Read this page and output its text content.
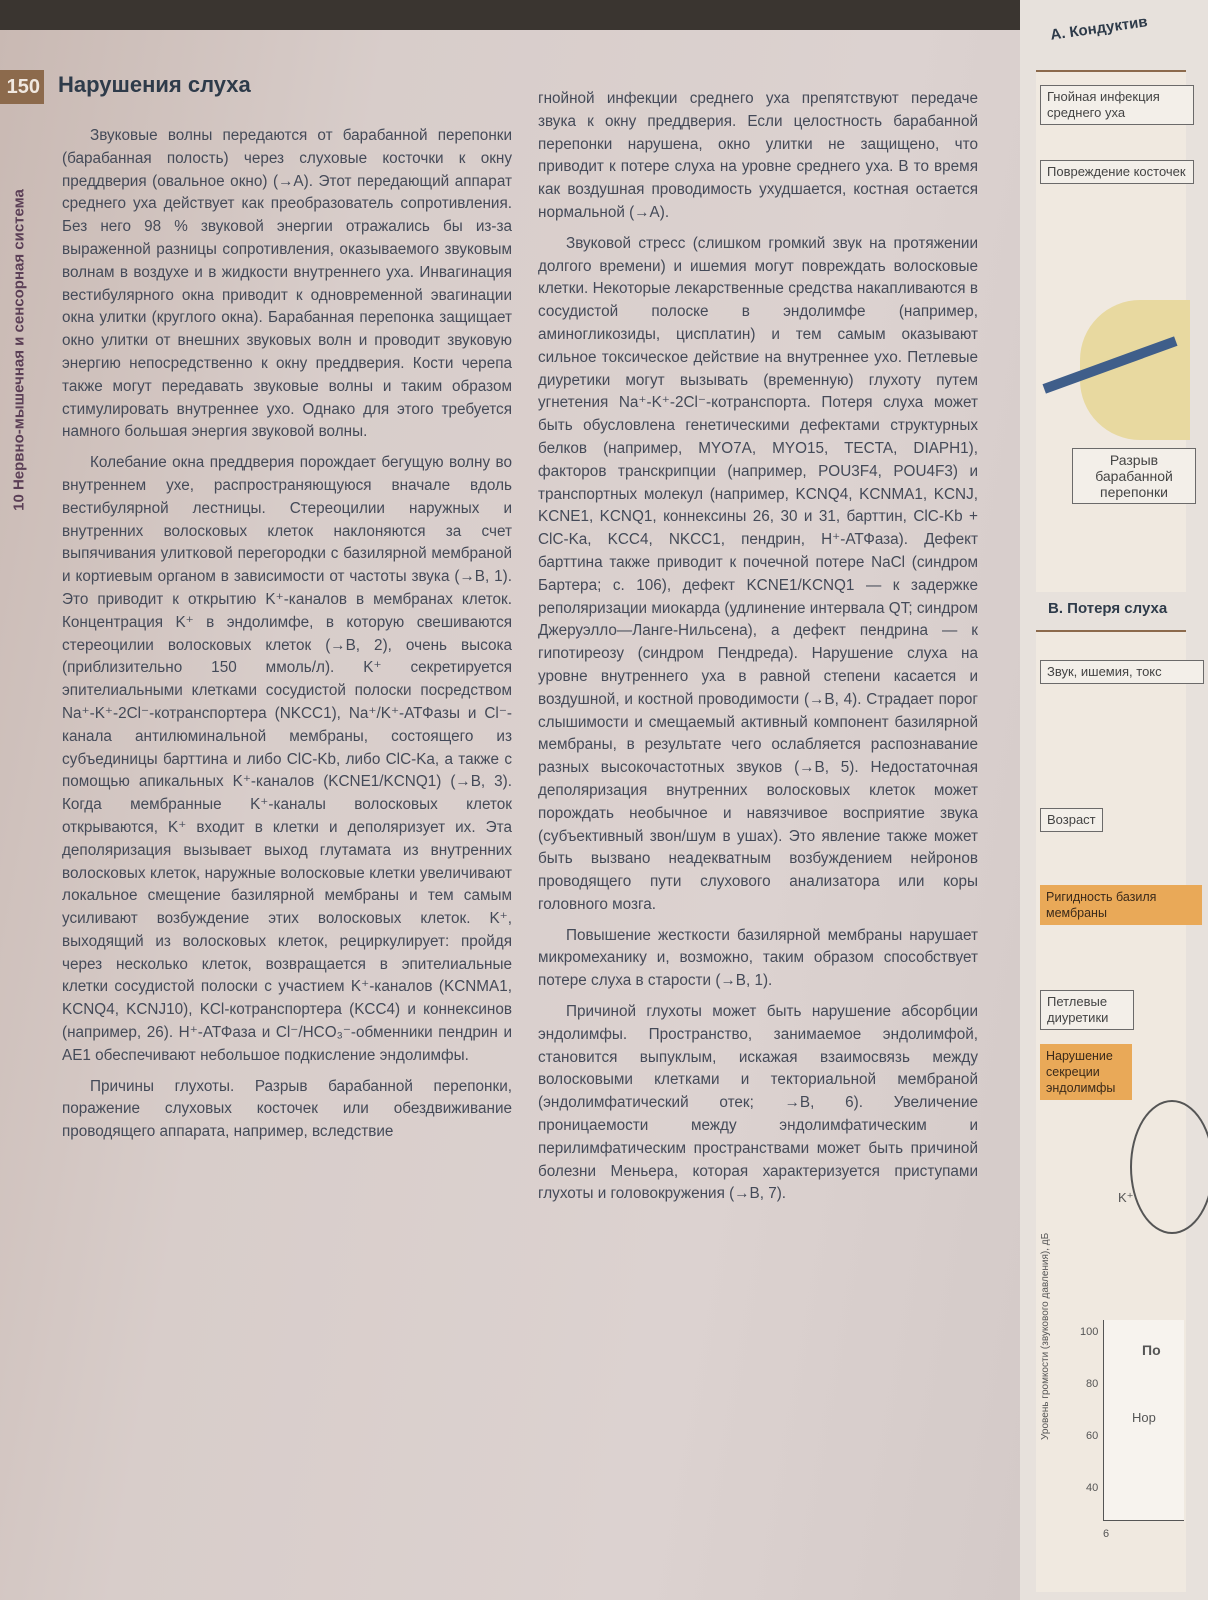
150 Нарушения слуха
10 Нервно-мышечная и сенсорная система

Звуковые волны передаются от барабанной перепонки (барабанная полость) через слуховые косточки к окну преддверия (овальное окно) (→A). Этот передающий аппарат среднего уха действует как преобразователь сопротивления. Без него 98 % звуковой энергии отражались бы из-за выраженной разницы сопротивления, оказываемого звуковым волнам в воздухе и в жидкости внутреннего уха. Инвагинация вестибулярного окна приводит к одновременной эвагинации окна улитки (круглого окна). Барабанная перепонка защищает окно улитки от внешних звуковых волн и проводит звуковую энергию непосредственно к окну преддверия. Кости черепа также могут передавать звуковые волны и таким образом стимулировать внутреннее ухо. Однако для этого требуется намного большая энергия звуковой волны.

Колебание окна преддверия порождает бегущую волну во внутреннем ухе, распространяющуюся вначале вдоль вестибулярной лестницы. Стереоцилии наружных и внутренних волосковых клеток наклоняются за счет выпячивания улитковой перегородки с базилярной мембраной и кортиевым органом в зависимости от частоты звука (→B, 1). Это приводит к открытию K⁺-каналов в мембранах клеток. Концентрация K⁺ в эндолимфе, в которую свешиваются стереоцилии волосковых клеток (→B, 2), очень высока (приблизительно 150 ммоль/л). K⁺ секретируется эпителиальными клетками сосудистой полоски посредством Na⁺-K⁺-2Cl⁻-котранспортера (NKCC1), Na⁺/K⁺-АТФазы и Cl⁻-канала антилюминальной мембраны, состоящего из субъединицы барттина и либо ClC-Kb, либо ClC-Ka, а также с помощью апикальных K⁺-каналов (KCNE1/KCNQ1) (→B, 3). Когда мембранные K⁺-каналы волосковых клеток открываются, K⁺ входит в клетки и деполяризует их. Эта деполяризация вызывает выход глутамата из внутренних волосковых клеток, наружные волосковые клетки увеличивают локальное смещение базилярной мембраны и тем самым усиливают возбуждение этих волосковых клеток. K⁺, выходящий из волосковых клеток, рециркулирует: пройдя через несколько клеток, возвращается в эпителиальные клетки сосудистой полоски с участием K⁺-каналов (KCNMA1, KCNQ4, KCNJ10), KCl-котранспортера (KCC4) и коннексинов (например, 26). H⁺-АТФаза и Cl⁻/HCO₃⁻-обменники пендрин и AE1 обеспечивают небольшое подкисление эндолимфы.

Причины глухоты. Разрыв барабанной перепонки, поражение слуховых косточек или обездвиживание проводящего аппарата, например, вследствие

гнойной инфекции среднего уха препятствуют передаче звука к окну преддверия. Если целостность барабанной перепонки нарушена, окно улитки не защищено, что приводит к потере слуха на уровне среднего уха. В то время как воздушная проводимость ухудшается, костная остается нормальной (→A).

Звуковой стресс (слишком громкий звук на протяжении долгого времени) и ишемия могут повреждать волосковые клетки. Некоторые лекарственные средства накапливаются в сосудистой полоске в эндолимфе (например, аминогликозиды, цисплатин) и тем самым оказывают сильное токсическое действие на внутреннее ухо. Петлевые диуретики могут вызывать (временную) глухоту путем угнетения Na⁺-K⁺-2Cl⁻-котранспорта. Потеря слуха может быть обусловлена генетическими дефектами структурных белков (например, MYO7A, MYO15, TECTA, DIAPH1), факторов транскрипции (например, POU3F4, POU4F3) и транспортных молекул (например, KCNQ4, KCNMA1, KCNJ, KCNE1, KCNQ1, коннексины 26, 30 и 31, барттин, ClC-Kb + ClC-Ka, KCC4, NKCC1, пендрин, H⁺-АТФаза). Дефект барттина также приводит к почечной потере NaCl (синдром Бартера; с. 106), дефект KCNE1/KCNQ1 — к задержке реполяризации миокарда (удлинение интервала QT; синдром Джеруэлло—Ланге-Нильсена), а дефект пендрина — к гипотиреозу (синдром Пендреда). Нарушение слуха на уровне внутреннего уха в равной степени касается и воздушной, и костной проводимости (→B, 4). Страдает порог слышимости и смещаемый активный компонент базилярной мембраны, в результате чего ослабляется распознавание разных высокочастотных звуков (→B, 5). Недостаточная деполяризация внутренних волосковых клеток может порождать необычное и навязчивое восприятие звука (субъективный звон/шум в ушах). Это явление также может быть вызвано неадекватным возбуждением нейронов проводящего пути слухового анализатора или коры головного мозга.

Повышение жесткости базилярной мембраны нарушает микромеханику и, возможно, таким образом способствует потере слуха в старости (→B, 1).

Причиной глухоты может быть нарушение абсорбции эндолимфы. Пространство, занимаемое эндолимфой, становится выпуклым, искажая взаимосвязь между волосковыми клетками и текториальной мембраной (эндолимфатический отек; →B, 6). Увеличение проницаемости между эндолимфатическим и перилимфатическим пространствами может быть причиной болезни Меньера, которая характеризуется приступами глухоты и головокружения (→B, 7).

A. Кондуктив
Гнойная инфекция среднего уха
Повреждение косточек
Разрыв барабанной перепонки
B. Потеря слуха
Звук, ишемия, токс
Возраст
Ригидность базиля мембраны
Петлевые диуретики
Нарушение секреции эндолимфы
K⁺
Уровень громкости (звукового давления), дБ	100
80
60
40
6
По
Нор
